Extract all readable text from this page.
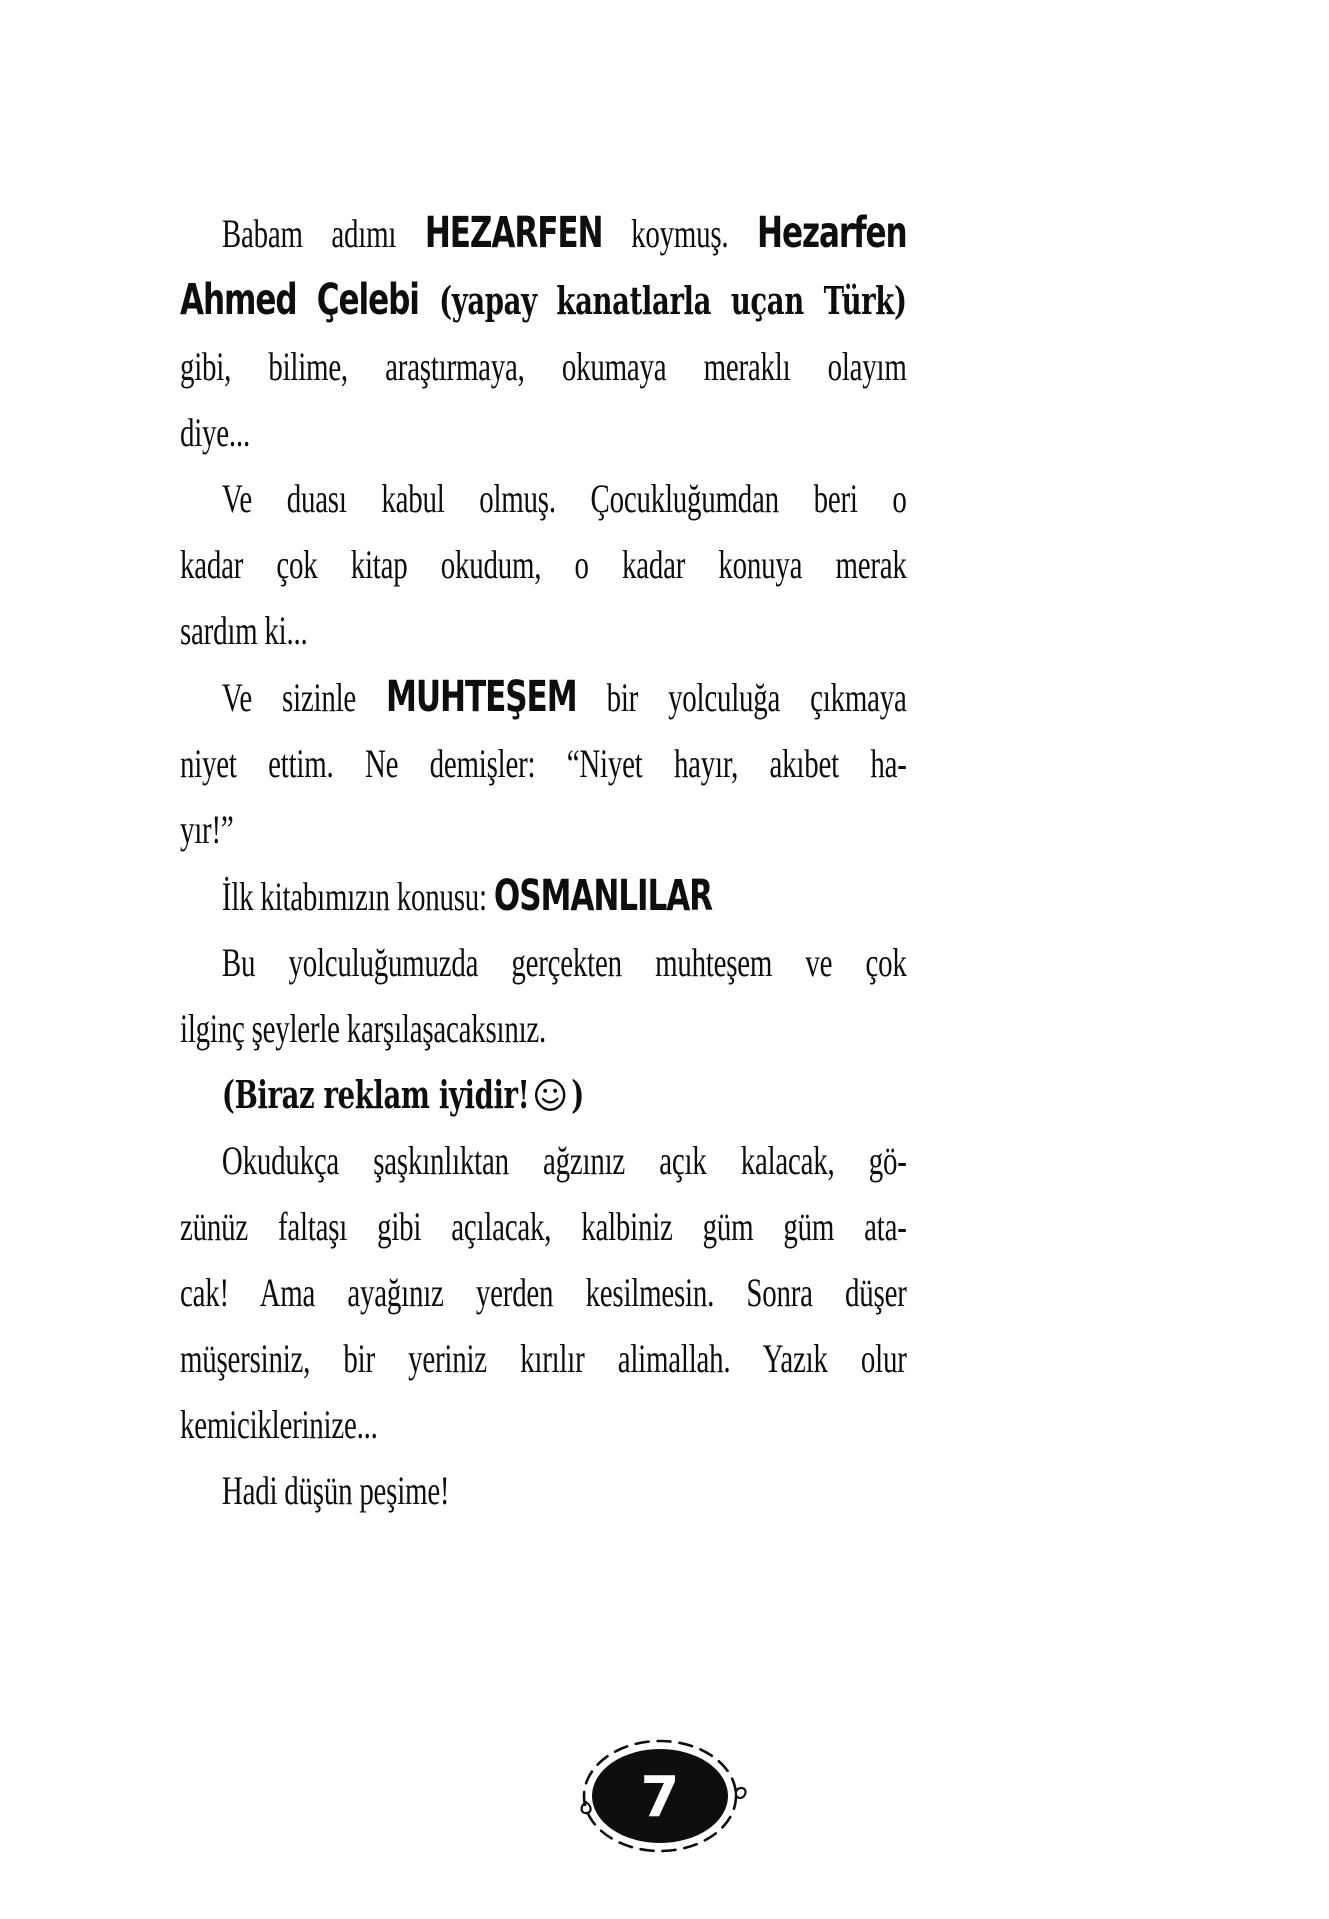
Babam adımı HEZARFEN koymuş. Hezarfen
Ahmed Çelebi (yapay kanatlarla uçan Türk)
gibi, bilime, araştırmaya, okumaya meraklı olayım
diye...
Ve duası kabul olmuş. Çocukluğumdan beri o
kadar çok kitap okudum, o kadar konuya merak
sardım ki...
Ve sizinle MUHTEŞEM bir yolculuğa çıkmaya
niyet ettim. Ne demişler: “Niyet hayır, akıbet ha-
yır!”
İlk kitabımızın konusu: OSMANLILAR
Bu yolculuğumuzda gerçekten muhteşem ve çok
ilginç şeylerle karşılaşacaksınız.
(Biraz reklam iyidir! )
Okudukça şaşkınlıktan ağzınız açık kalacak, gö-
zünüz faltaşı gibi açılacak, kalbiniz güm güm ata-
cak! Ama ayağınız yerden kesilmesin. Sonra düşer
müşersiniz, bir yeriniz kırılır alimallah. Yazık olur
kemiciklerinize...
Hadi düşün peşime!
7
